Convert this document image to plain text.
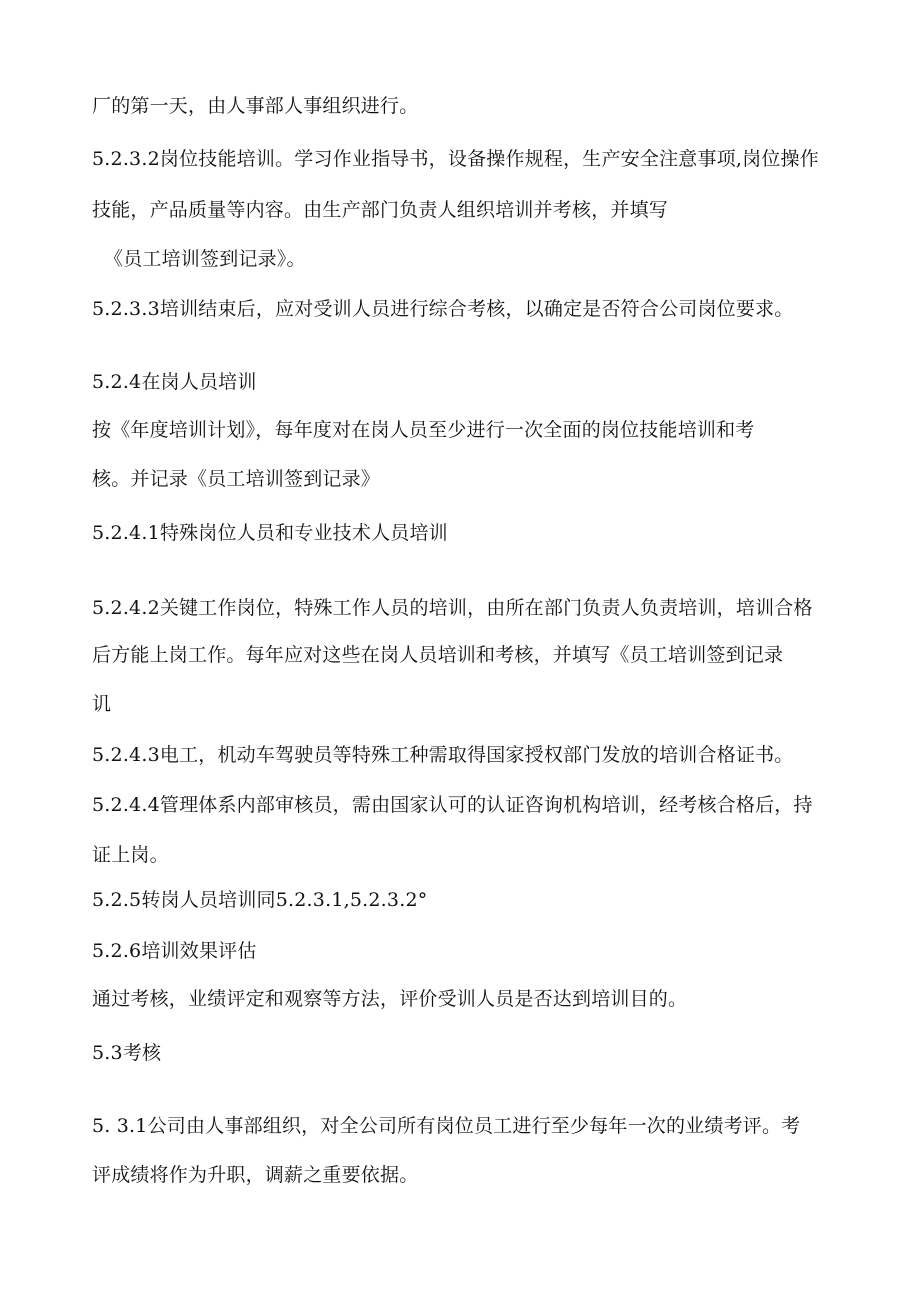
厂的第一天，由人事部人事组织进行。
5.2.3.2岗位技能培训。学习作业指导书，设备操作规程，生产安全注意事项,岗位操作
技能，产品质量等内容。由生产部门负责人组织培训并考核，并填写
《员工培训签到记录》。
5.2.3.3培训结束后，应对受训人员进行综合考核，以确定是否符合公司岗位要求。
5.2.4在岗人员培训
按《年度培训计划》，每年度对在岗人员至少进行一次全面的岗位技能培训和考
核。并记录《员工培训签到记录》
5.2.4.1特殊岗位人员和专业技术人员培训
5.2.4.2关键工作岗位，特殊工作人员的培训，由所在部门负责人负责培训，培训合格
后方能上岗工作。每年应对这些在岗人员培训和考核，并填写《员工培训签到记录
讥
5.2.4.3电工，机动车驾驶员等特殊工种需取得国家授权部门发放的培训合格证书。
5.2.4.4管理体系内部审核员，需由国家认可的认证咨询机构培训，经考核合格后，持
证上岗。
5.2.5转岗人员培训同5.2.3.1,5.2.3.2°
5.2.6培训效果评估
通过考核，业绩评定和观察等方法，评价受训人员是否达到培训目的。
5.3考核
5. 3.1公司由人事部组织，对全公司所有岗位员工进行至少每年一次的业绩考评。考
评成绩将作为升职，调薪之重要依据。
